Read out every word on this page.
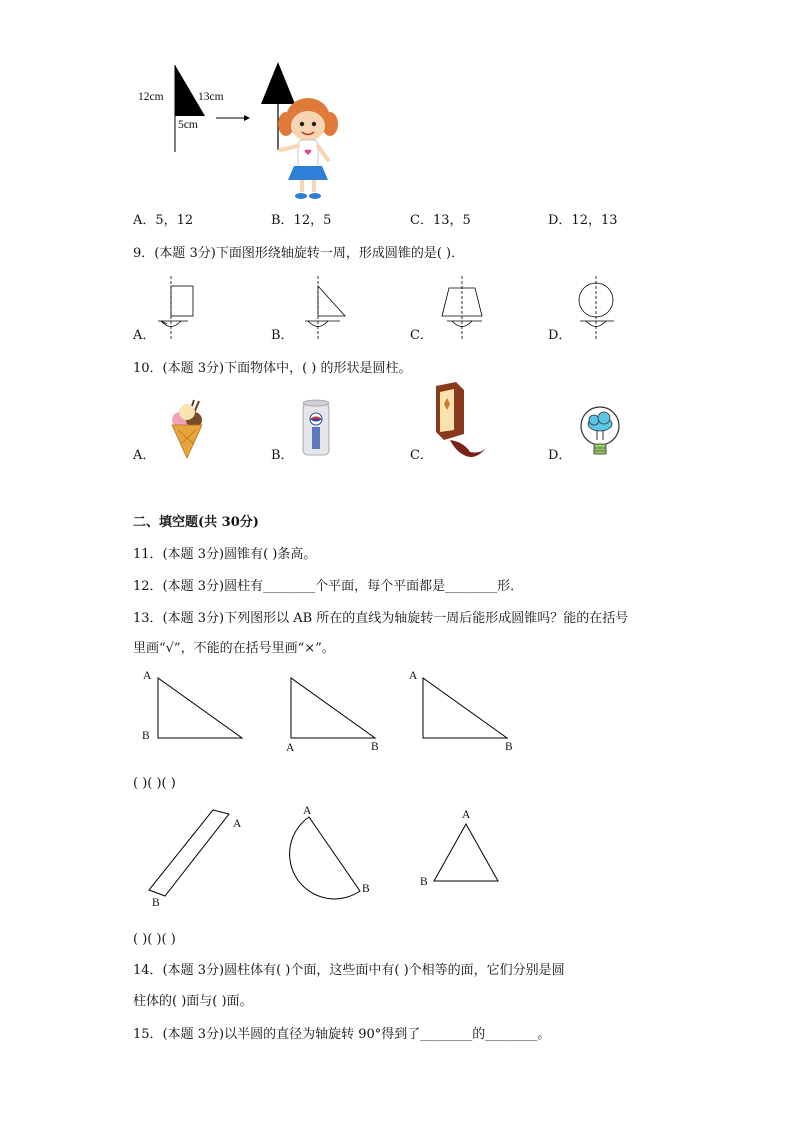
12cm	13cm
5cm
A．5，12	B．12，5	C．13，5	D．12，13
9．(本题 3分)下面图形绕轴旋转一周，形成圆锥的是( )．
A．	B．	C．	D．
10．(本题 3分)下面物体中，( ) 的形状是圆柱。
A．	B．	C．	D．
二、填空题(共 30分)
11．(本题 3分)圆锥有( )条高。
12．(本题 3分)圆柱有________个平面，每个平面都是________形．
13．(本题 3分)下列图形以 AB 所在的直线为轴旋转一周后能形成圆锥吗？能的在括号
里画“√”，不能的在括号里画“×”。
A
B
A	B
A
B
( )( )( )
A
B
A
B
A
B
( )( )( )
14．(本题 3分)圆柱体有( )个面，这些面中有( )个相等的面，它们分别是圆
柱体的( )面与( )面。
15．(本题 3分)以半圆的直径为轴旋转 90°得到了________的________。
